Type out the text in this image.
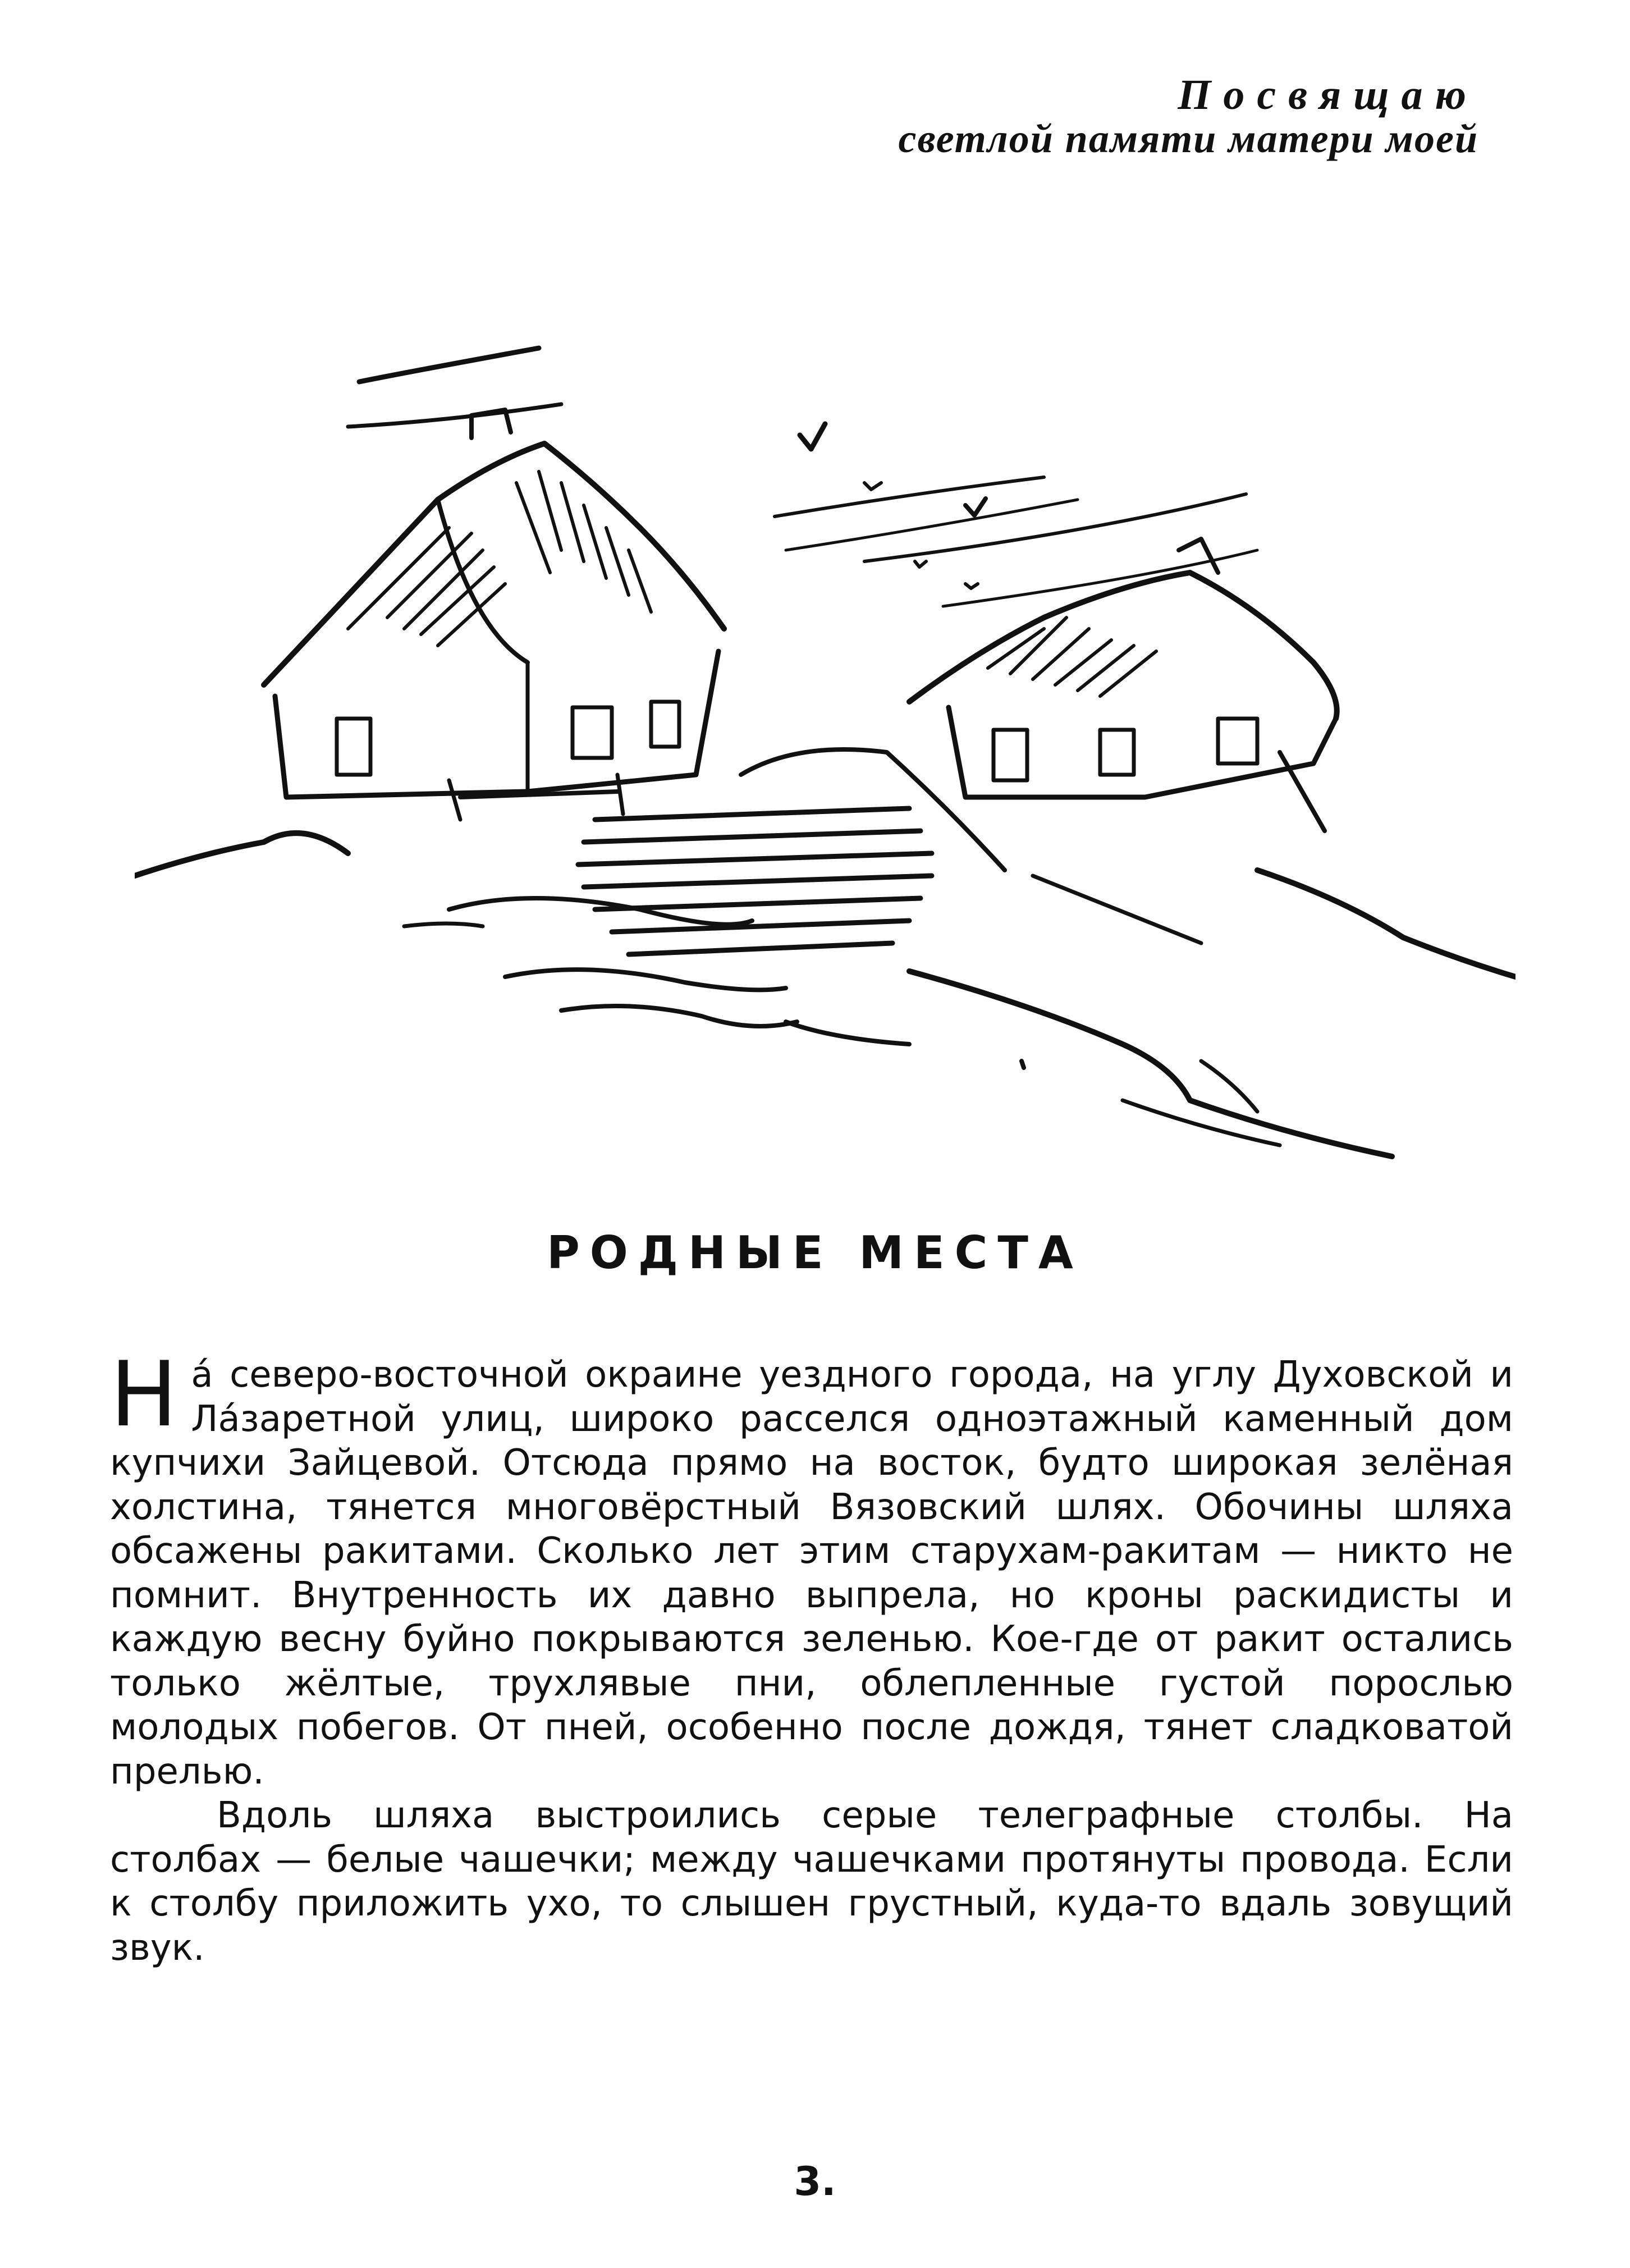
Посвящаю
светлой памяти матери моей
РОДНЫЕ МЕСТА

На́ северо-восточной окраине уездного города, на углу Духовской и Ла́заретной улиц, широко расселся одноэтажный каменный дом купчихи Зайцевой. Отсюда прямо на восток, будто широкая зелёная холстина, тянется многовёрстный Вязовский шлях. Обочины шляха обсажены ракитами. Сколько лет этим старухам-ракитам — никто не помнит. Внутренность их давно выпрела, но кроны раскидисты и каждую весну буйно покрываются зеленью. Кое-где от ракит остались только жёлтые, трухлявые пни, облепленные густой порослью молодых побегов. От пней, особенно после дождя, тянет сладковатой прелью.

Вдоль шляха выстроились серые телеграфные столбы. На столбах — белые чашечки; между чашечками протянуты провода. Если к столбу приложить ухо, то слышен грустный, куда-то вдаль зовущий звук.

3.
